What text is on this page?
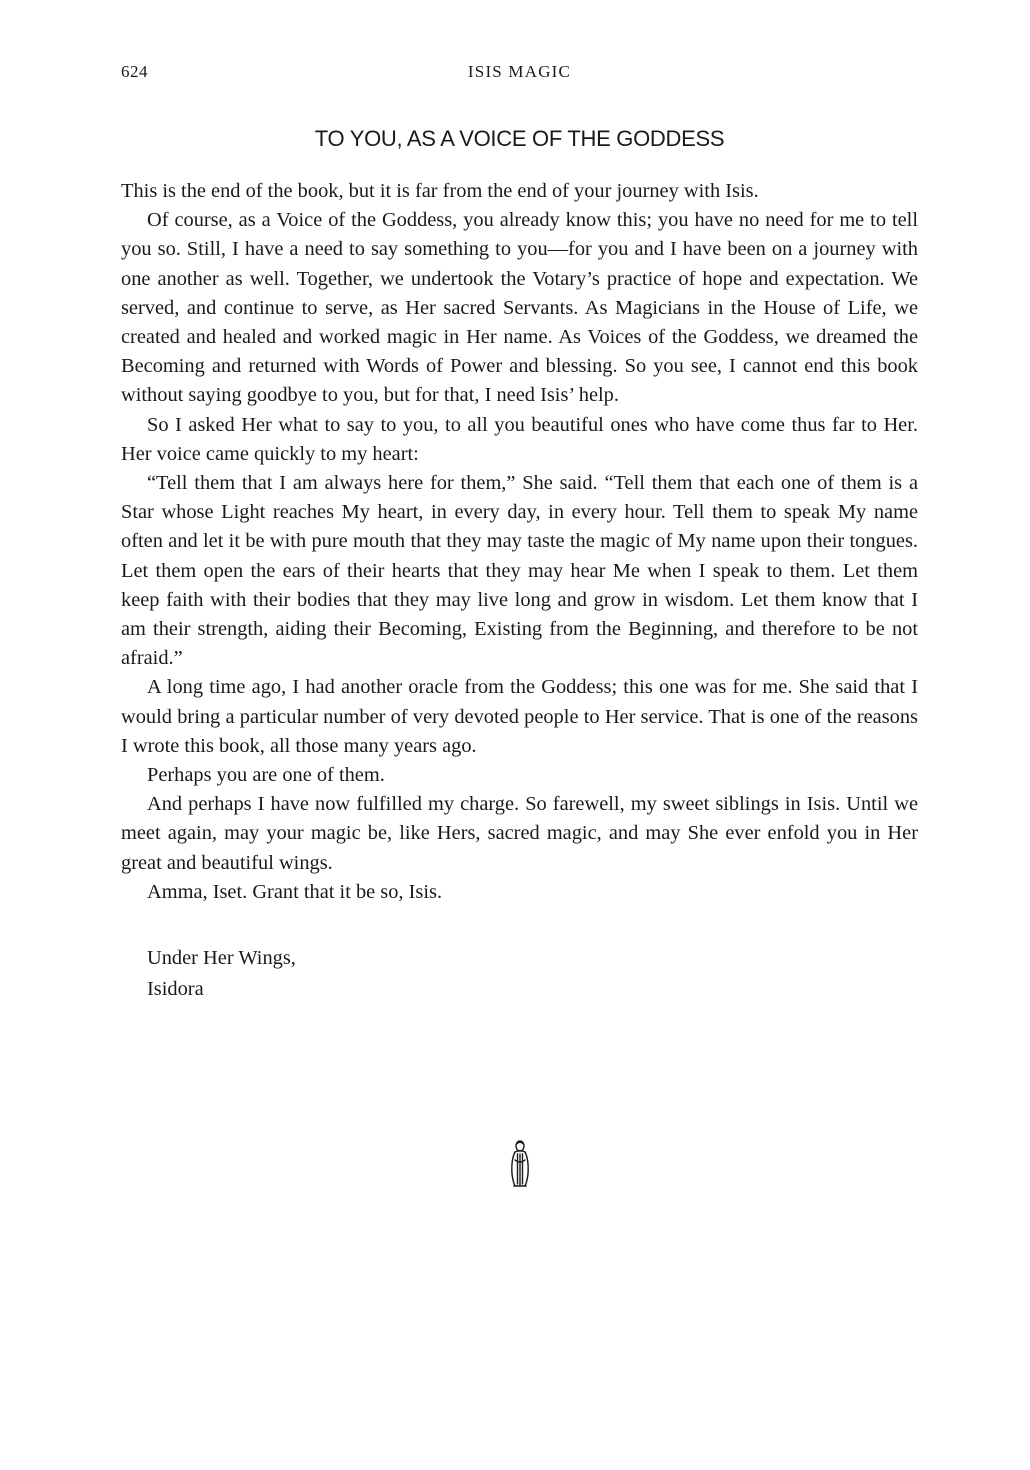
624	ISIS MAGIC
TO YOU, AS A VOICE OF THE GODDESS

This is the end of the book, but it is far from the end of your journey with Isis.

Of course, as a Voice of the Goddess, you already know this; you have no need for me to tell you so. Still, I have a need to say something to you—for you and I have been on a journey with one another as well. Together, we undertook the Votary’s practice of hope and expectation. We served, and continue to serve, as Her sacred Servants. As Magicians in the House of Life, we created and healed and worked magic in Her name. As Voices of the Goddess, we dreamed the Becoming and returned with Words of Power and blessing. So you see, I cannot end this book without saying goodbye to you, but for that, I need Isis’ help.

So I asked Her what to say to you, to all you beautiful ones who have come thus far to Her. Her voice came quickly to my heart:

“Tell them that I am always here for them,” She said. “Tell them that each one of them is a Star whose Light reaches My heart, in every day, in every hour. Tell them to speak My name often and let it be with pure mouth that they may taste the magic of My name upon their tongues. Let them open the ears of their hearts that they may hear Me when I speak to them. Let them keep faith with their bodies that they may live long and grow in wisdom. Let them know that I am their strength, aiding their Becoming, Existing from the Beginning, and therefore to be not afraid.”

A long time ago, I had another oracle from the Goddess; this one was for me. She said that I would bring a particular number of very devoted people to Her service. That is one of the reasons I wrote this book, all those many years ago.

Perhaps you are one of them.

And perhaps I have now fulfilled my charge. So farewell, my sweet siblings in Isis. Until we meet again, may your magic be, like Hers, sacred magic, and may She ever enfold you in Her great and beautiful wings.

Amma, Iset. Grant that it be so, Isis.

Under Her Wings,
Isidora
